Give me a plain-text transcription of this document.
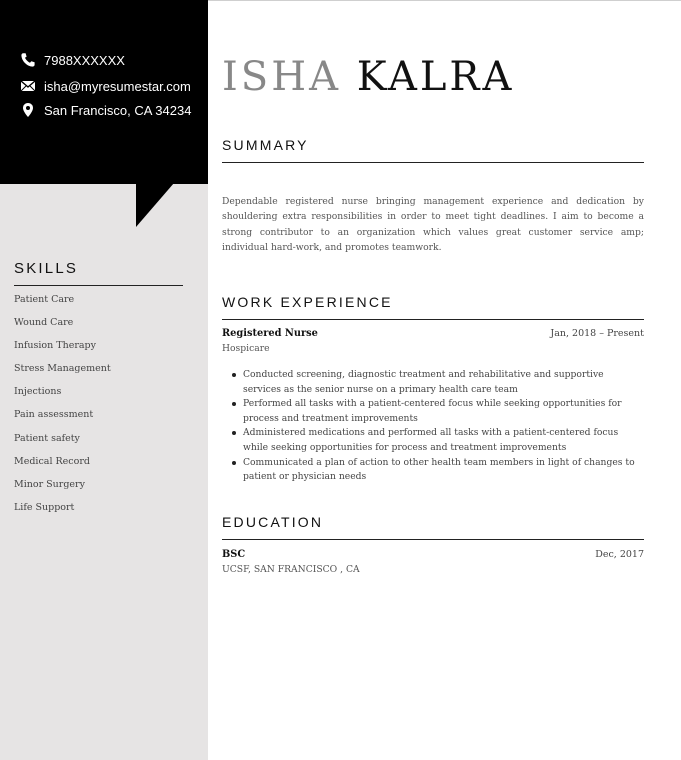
7988XXXXXX
isha@myresumestar.com
San Francisco, CA 34234
SKILLS
Patient Care
Wound Care
Infusion Therapy
Stress Management
Injections
Pain assessment
Patient safety
Medical Record
Minor Surgery
Life Support
ISHA KALRA
SUMMARY

Dependable registered nurse bringing management experience and dedication by shouldering extra responsibilities in order to meet tight deadlines. I aim to become a strong contributor to an organization which values great customer service amp; individual hard-work, and promotes teamwork.

WORK EXPERIENCE
Registered Nurse	Jan, 2018 – Present
Hospicare
Conducted screening, diagnostic treatment and rehabilitative and supportive services as the senior nurse on a primary health care team
Performed all tasks with a patient-centered focus while seeking opportunities for process and treatment improvements
Administered medications and performed all tasks with a patient-centered focus while seeking opportunities for process and treatment improvements
Communicated a plan of action to other health team members in light of changes to patient or physician needs
EDUCATION
BSC	Dec, 2017
UCSF, SAN FRANCISCO , CA
